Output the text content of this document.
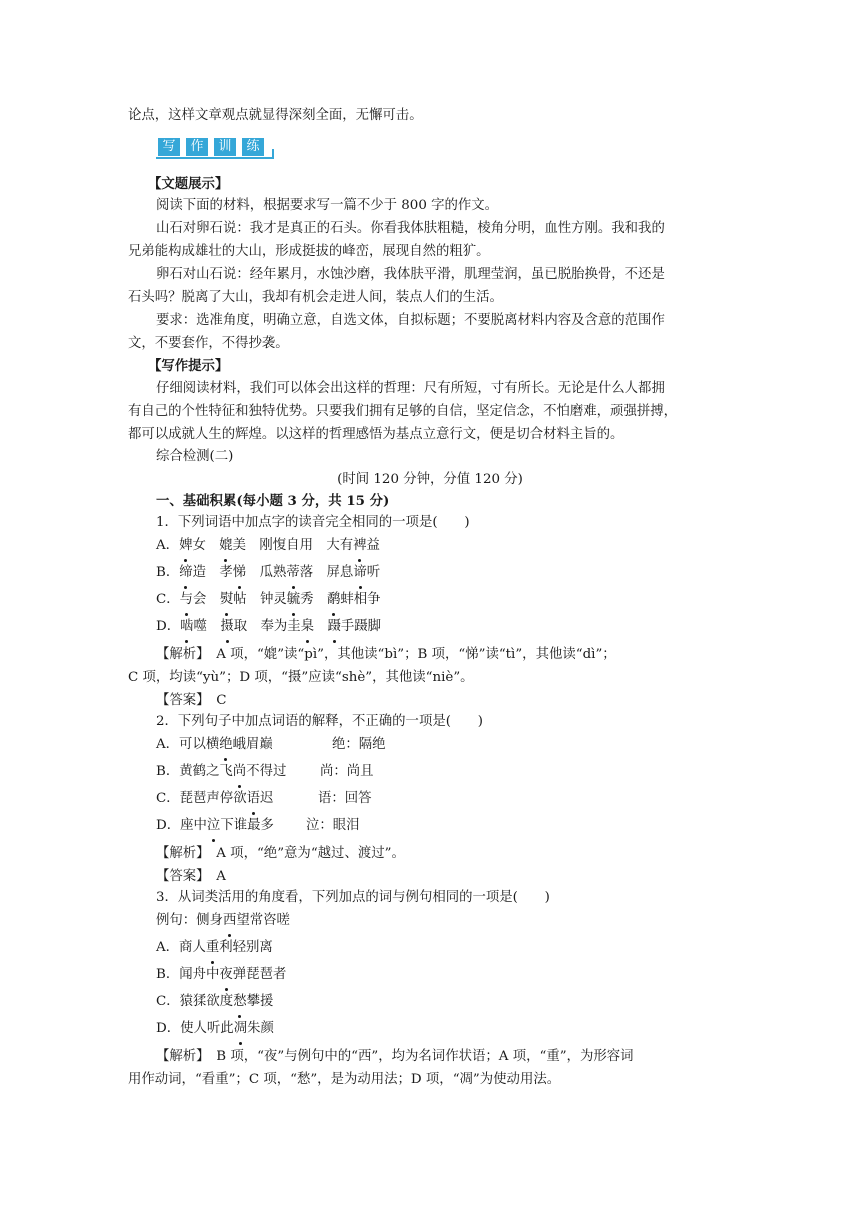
论点，这样文章观点就显得深刻全面，无懈可击。
写	作	训	练
【文题展示】
阅读下面的材料，根据要求写一篇不少于 800 字的作文。
山石对卵石说：我才是真正的石头。你看我体肤粗糙，棱角分明，血性方刚。我和我的
兄弟能构成雄壮的大山，形成挺拔的峰峦，展现自然的粗犷。
卵石对山石说：经年累月，水蚀沙磨，我体肤平滑，肌理莹润，虽已脱胎换骨，不还是
石头吗？脱离了大山，我却有机会走进人间，装点人们的生活。
要求：选准角度，明确立意，自选文体，自拟标题；不要脱离材料内容及含意的范围作
文，不要套作，不得抄袭。
【写作提示】
仔细阅读材料，我们可以体会出这样的哲理：尺有所短，寸有所长。无论是什么人都拥
有自己的个性特征和独特优势。只要我们拥有足够的自信，坚定信念，不怕磨难，顽强拼搏，
都可以成就人生的辉煌。以这样的哲理感悟为基点立意行文，便是切合材料主旨的。
综合检测(二)
(时间 120 分钟，分值 120 分)
一、基础积累(每小题 3 分，共 15 分)
1．下列词语中加点字的读音完全相同的一项是(　　)
A．婢女　媲美　刚愎自用　大有裨益
B．缔造　孝悌　瓜熟蒂落　屏息谛听
C．与会　熨帖　钟灵毓秀　鹬蚌相争
D．啮噬　摄取　奉为圭臬　 蹑手蹑脚
【解析】　A 项，“媲”读“pì”，其他读“bì”；B 项，“悌”读“tì”，其他读“dì”；
C 项，均读“yù”；D 项，“摄”应读“shè”，其他读“niè”。
【答案】　C
2．下列句子中加点词语的解释，不正确的一项是(　　)
A．可以横绝峨眉巅	绝：隔绝
B．黄鹤之飞尚不得过	尚：尚且
C．琵琶声停欲语迟	语：回答
D．座中泣下谁最多 泣：眼泪
【解析】　A 项，“绝”意为“越过、渡过”。
【答案】　A
3．从词类活用的角度看，下列加点的词与例句相同的一项是(　　)
例句：侧身西望常咨嗟
A．商人重利轻别离
B．闻舟中夜弹琵琶者
C．猿猱欲度愁攀援
D．使人听此凋朱颜
【解析】　B 项，“夜”与例句中的“西”，均为名词作状语；A 项，“重”，为形容词
用作动词，“看重”；C 项，“愁”，是为动用法；D 项，“凋”为使动用法。
